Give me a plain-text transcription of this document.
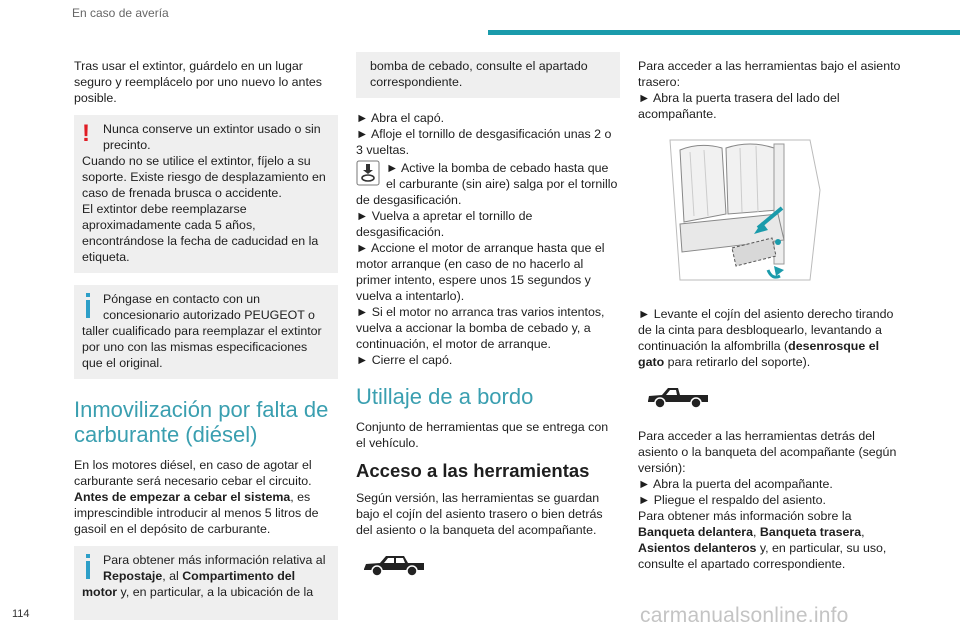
En caso de avería

Tras usar el extintor, guárdelo en un lugar seguro y reemplácelo por uno nuevo lo antes posible.

!	Nunca conserve un extintor usado o sin precinto.

Cuando no se utilice el extintor, fíjelo a su soporte. Existe riesgo de desplazamiento en caso de frenada brusca o accidente.

El extintor debe reemplazarse aproximadamente cada 5 años, encontrándose la fecha de caducidad en la etiqueta.

Póngase en contacto con un concesionario autorizado PEUGEOT o taller cualificado para reemplazar el extintor por uno con las mismas especificaciones que el original.

Inmovilización por falta de carburante (diésel)

En los motores diésel, en caso de agotar el carburante será necesario cebar el circuito.

Antes de empezar a cebar el sistema, es imprescindible introducir al menos 5 litros de gasoil en el depósito de carburante.

Para obtener más información relativa al Repostaje, al Compartimento del motor y, en particular, a la ubicación de la

bomba de cebado, consulte el apartado correspondiente.

► Abra el capó.

► Afloje el tornillo de desgasificación unas 2 o 3 vueltas.

► Active la bomba de cebado hasta que el carburante (sin aire) salga por el tornillo de desgasificación.

► Vuelva a apretar el tornillo de desgasificación.

► Accione el motor de arranque hasta que el motor arranque (en caso de no hacerlo al primer intento, espere unos 15 segundos y vuelva a intentarlo).

► Si el motor no arranca tras varios intentos, vuelva a accionar la bomba de cebado y, a continuación, el motor de arranque.

► Cierre el capó.

Utillaje de a bordo

Conjunto de herramientas que se entrega con el vehículo.

Acceso a las herramientas

Según versión, las herramientas se guardan bajo el cojín del asiento trasero o bien detrás del asiento o la banqueta del acompañante.

Para acceder a las herramientas bajo el asiento trasero:

► Abra la puerta trasera del lado del acompañante.

► Levante el cojín del asiento derecho tirando de la cinta para desbloquearlo, levantando a continuación la alfombrilla (desenrosque el gato para retirarlo del soporte).

Para acceder a las herramientas detrás del asiento o la banqueta del acompañante (según versión):

► Abra la puerta del acompañante.

► Pliegue el respaldo del asiento.

Para obtener más información sobre la Banqueta delantera, Banqueta trasera, Asientos delanteros y, en particular, su uso, consulte el apartado correspondiente.

114	carmanualsonline.info
